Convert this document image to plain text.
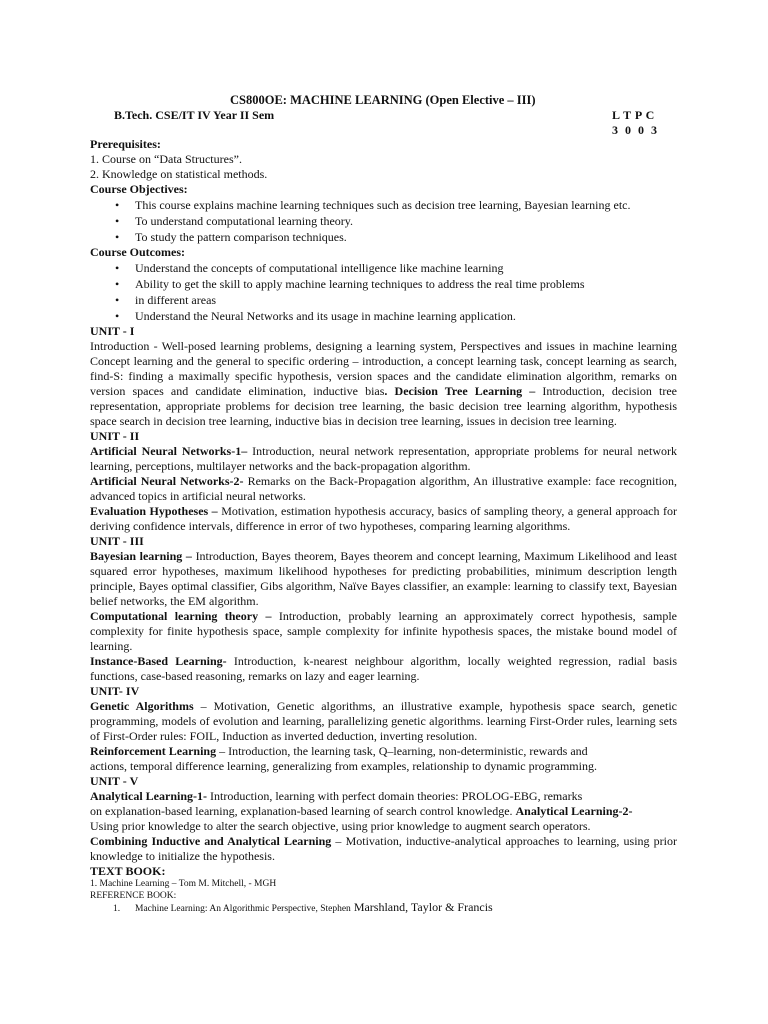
CS800OE: MACHINE LEARNING (Open Elective – III)
B.Tech. CSE/IT IV Year II Sem	L T P C
3 0 0 3

Prerequisites:

1. Course on “Data Structures”.

2. Knowledge on statistical methods.

Course Objectives:

• This course explains machine learning techniques such as decision tree learning, Bayesian learning etc.
• To understand computational learning theory.
• To study the pattern comparison techniques.

Course Outcomes:

• Understand the concepts of computational intelligence like machine learning
• Ability to get the skill to apply machine learning techniques to address the real time problems
• in different areas
• Understand the Neural Networks and its usage in machine learning application.

UNIT - I

Introduction - Well-posed learning problems, designing a learning system, Perspectives and issues in machine learning Concept learning and the general to specific ordering – introduction, a concept learning task, concept learning as search, find-S: finding a maximally specific hypothesis, version spaces and the candidate elimination algorithm, remarks on version spaces and candidate elimination, inductive bias. Decision Tree Learning – Introduction, decision tree representation, appropriate problems for decision tree learning, the basic decision tree learning algorithm, hypothesis space search in decision tree learning, inductive bias in decision tree learning, issues in decision tree learning.

UNIT - II

Artificial Neural Networks-1– Introduction, neural network representation, appropriate problems for neural network learning, perceptions, multilayer networks and the back-propagation algorithm.

Artificial Neural Networks-2- Remarks on the Back-Propagation algorithm, An illustrative example: face recognition, advanced topics in artificial neural networks.

Evaluation Hypotheses – Motivation, estimation hypothesis accuracy, basics of sampling theory, a general approach for deriving confidence intervals, difference in error of two hypotheses, comparing learning algorithms.

UNIT - III

Bayesian learning – Introduction, Bayes theorem, Bayes theorem and concept learning, Maximum Likelihood and least squared error hypotheses, maximum likelihood hypotheses for predicting probabilities, minimum description length principle, Bayes optimal classifier, Gibs algorithm, Naïve Bayes classifier, an example: learning to classify text, Bayesian belief networks, the EM algorithm.

Computational learning theory – Introduction, probably learning an approximately correct hypothesis, sample complexity for finite hypothesis space, sample complexity for infinite hypothesis spaces, the mistake bound model of learning.

Instance-Based Learning- Introduction, k-nearest neighbour algorithm, locally weighted regression, radial basis functions, case-based reasoning, remarks on lazy and eager learning.

UNIT- IV

Genetic Algorithms – Motivation, Genetic algorithms, an illustrative example, hypothesis space search, genetic programming, models of evolution and learning, parallelizing genetic algorithms. learning First-Order rules, learning sets of First-Order rules: FOIL, Induction as inverted deduction, inverting resolution.

Reinforcement Learning – Introduction, the learning task, Q–learning, non-deterministic, rewards and
actions, temporal difference learning, generalizing from examples, relationship to dynamic programming.

UNIT - V

Analytical Learning-1- Introduction, learning with perfect domain theories: PROLOG-EBG, remarks
on explanation-based learning, explanation-based learning of search control knowledge. Analytical Learning-2-
Using prior knowledge to alter the search objective, using prior knowledge to augment search operators.

Combining Inductive and Analytical Learning – Motivation, inductive-analytical approaches to learning, using prior knowledge to initialize the hypothesis.

TEXT BOOK:

1. Machine Learning – Tom M. Mitchell, - MGH

REFERENCE BOOK:

1. Machine Learning: An Algorithmic Perspective, Stephen Marshland, Taylor & Francis
